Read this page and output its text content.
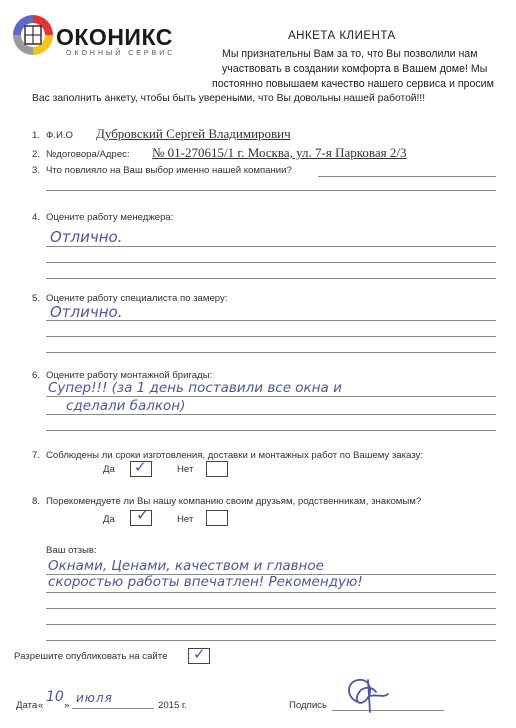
ОКОНИКС
ОКОННЫЙ СЕРВИС
АНКЕТА КЛИЕНТА
Мы признательны Вам за то, что Вы позволили нам
участвовать в создании комфорта в Вашем доме! Мы
постоянно повышаем качество нашего сервиса и просим
Вас заполнить анкету, чтобы быть увереными, что Вы довольны нашей работой!!!
1. Ф.И.О Дубровский Сергей Владимирович
2. №договора/Адрес: № 01-270615/1 г. Москва, ул. 7-я Парковая 2/3
3. Что повлияло на Ваш выбор именно нашей компании?
4. Оцените работу менеджера:
Отлично.
5. Оцените работу специалиста по замеру:
Отлично.
6. Оцените работу монтажной бригады:
Супер!!! (за 1 день поставили все окна и
сделали балкон)
7. Соблюдены ли сроки изготовления, доставки и монтажных работ по Вашему заказу:
Да ✓	Нет
8. Порекомендуете ли Вы нашу компанию своим друзьям, родственникам, знакомым?
Да ✓	Нет
Ваш отзыв:
Окнами, Ценами, качеством и главное
скоростью работы впечатлен! Рекомендую!
Разрешите опубликовать на сайте ✓
Дата «
10
»
июля
2015 г.	Подпись
